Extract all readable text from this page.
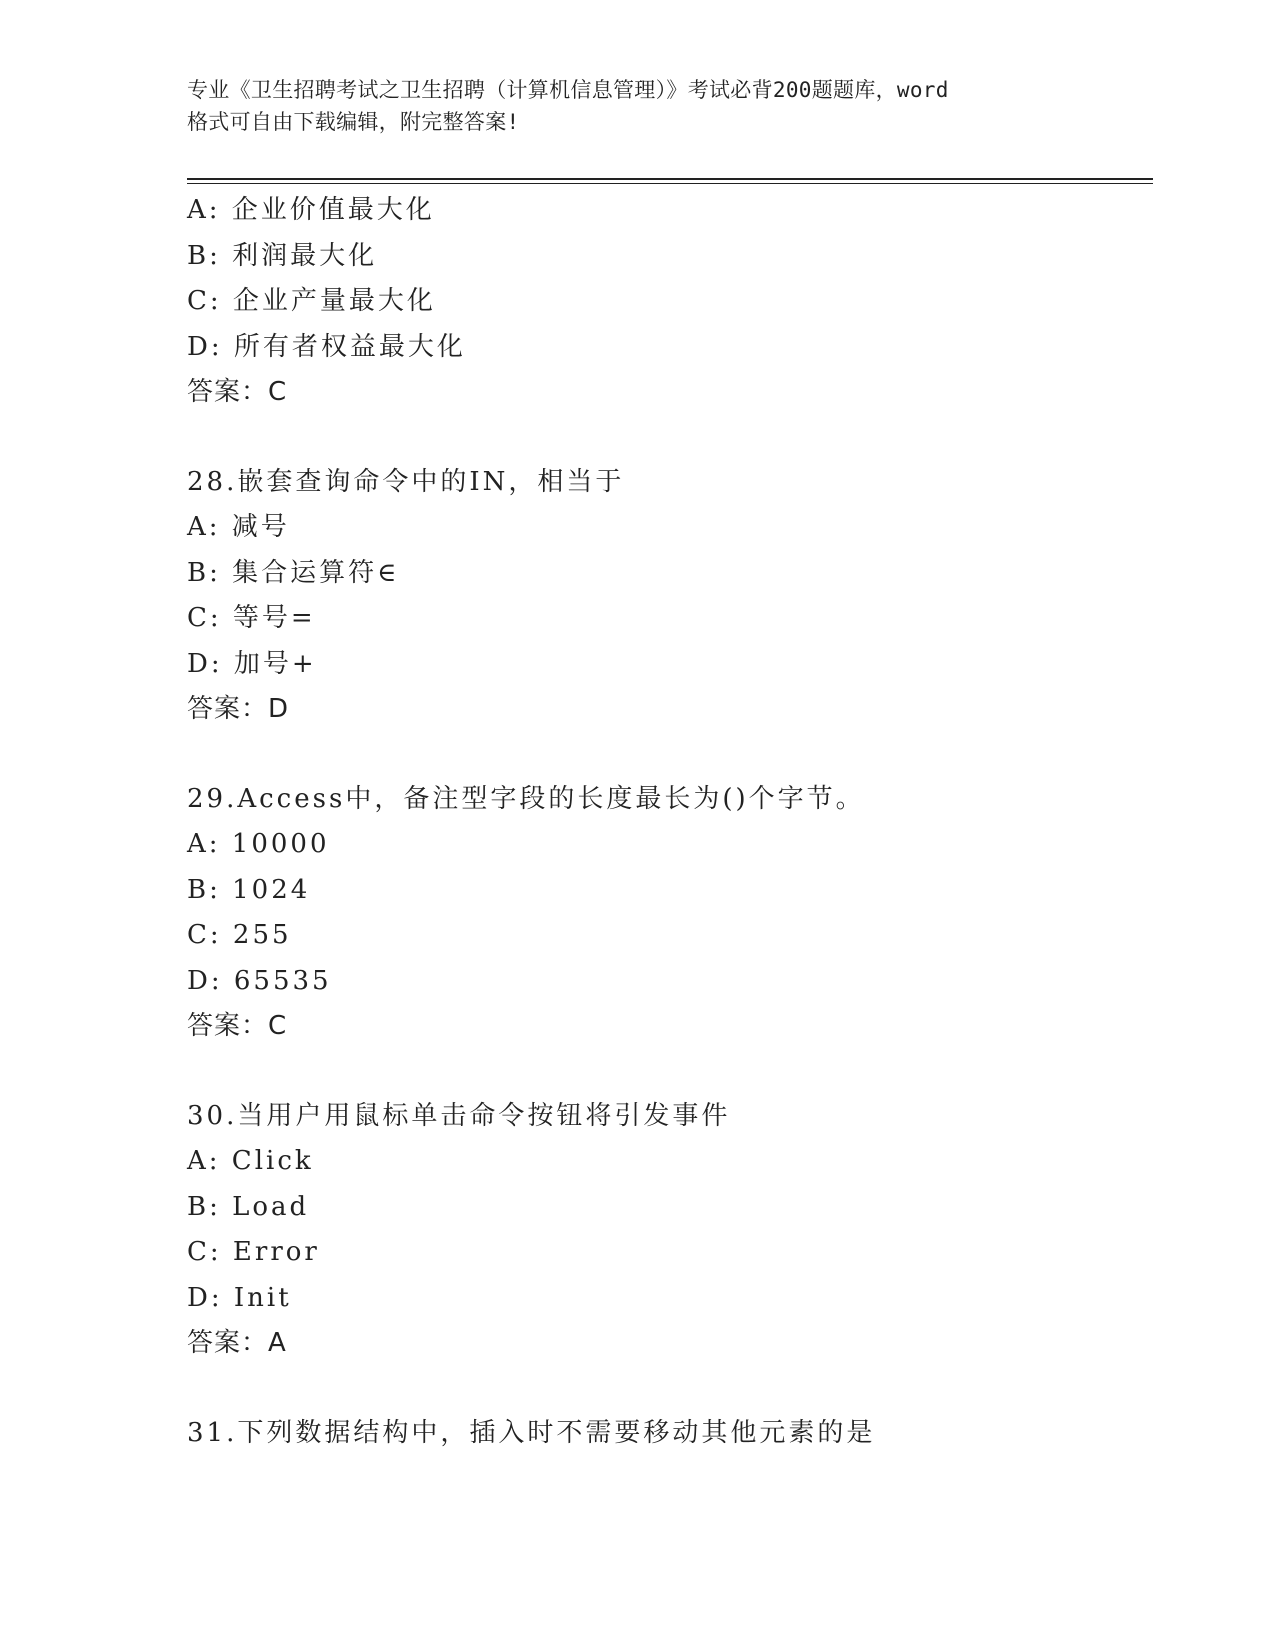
专业《卫生招聘考试之卫生招聘（计算机信息管理）》考试必背200题题库，word
格式可自由下载编辑，附完整答案!
A: 企业价值最大化
B: 利润最大化
C: 企业产量最大化
D: 所有者权益最大化
答案：C
28.嵌套查询命令中的IN，相当于
A: 减号
B: 集合运算符∈
C: 等号=
D: 加号+
答案：D
29.Access中，备注型字段的长度最长为()个字节。
A: 10000
B: 1024
C: 255
D: 65535
答案：C
30.当用户用鼠标单击命令按钮将引发事件
A: Click
B: Load
C: Error
D: Init
答案：A
31.下列数据结构中，插入时不需要移动其他元素的是
